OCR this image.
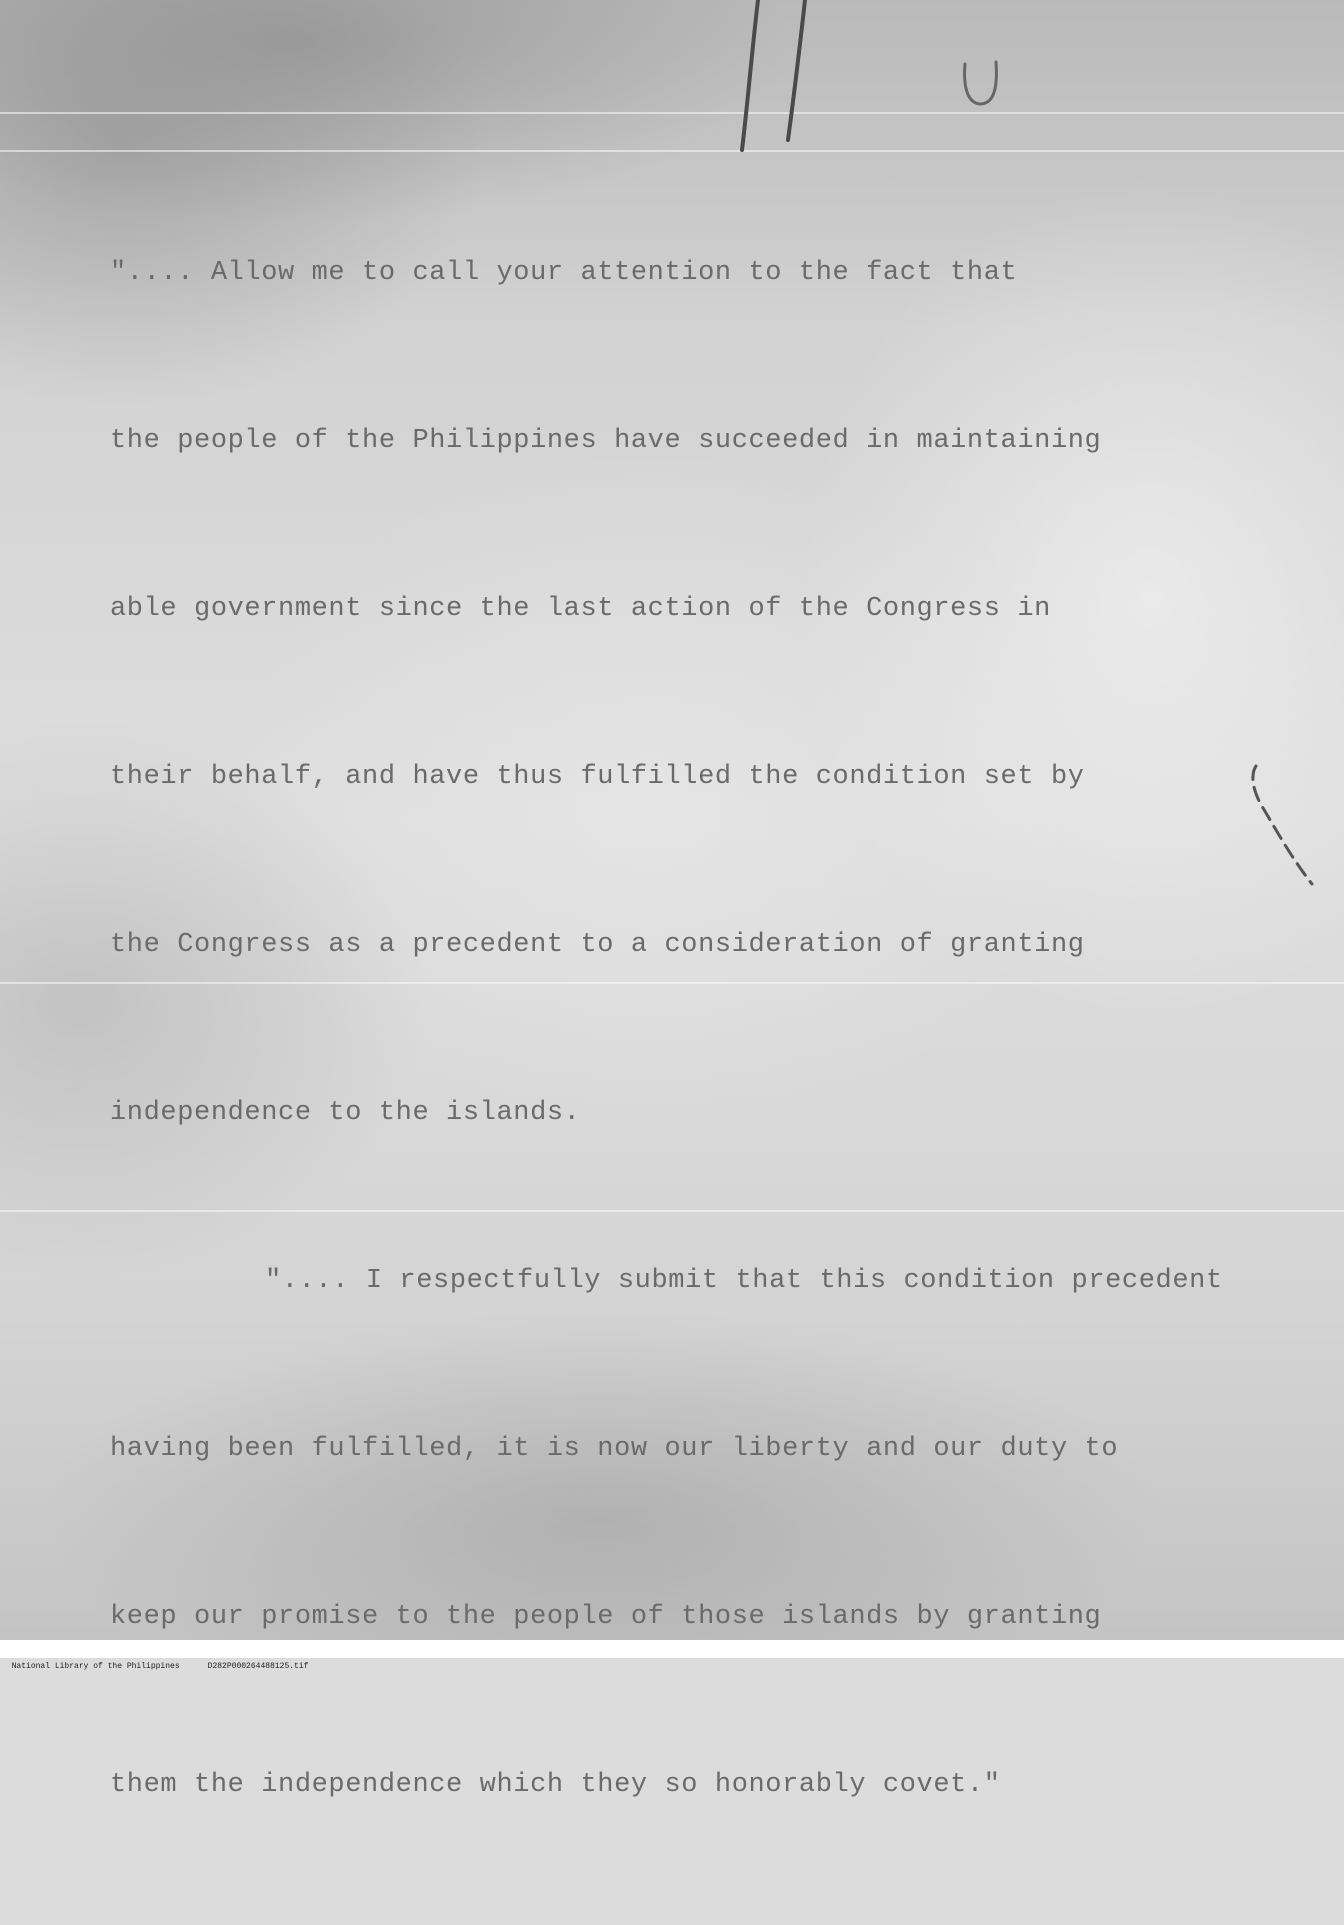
".... Allow me to call your attention to the fact that

the people of the Philippines have succeeded in maintaining

able government since the last action of the Congress in

their behalf, and have thus fulfilled the condition set by

the Congress as a precedent to a consideration of granting

independence to the islands.

".... I respectfully submit that this condition precedent

having been fulfilled, it is now our liberty and our duty to

keep our promise to the people of those islands by granting

them the independence which they so honorably covet."

National Library of the Philippines	D282P000264488125.tif
